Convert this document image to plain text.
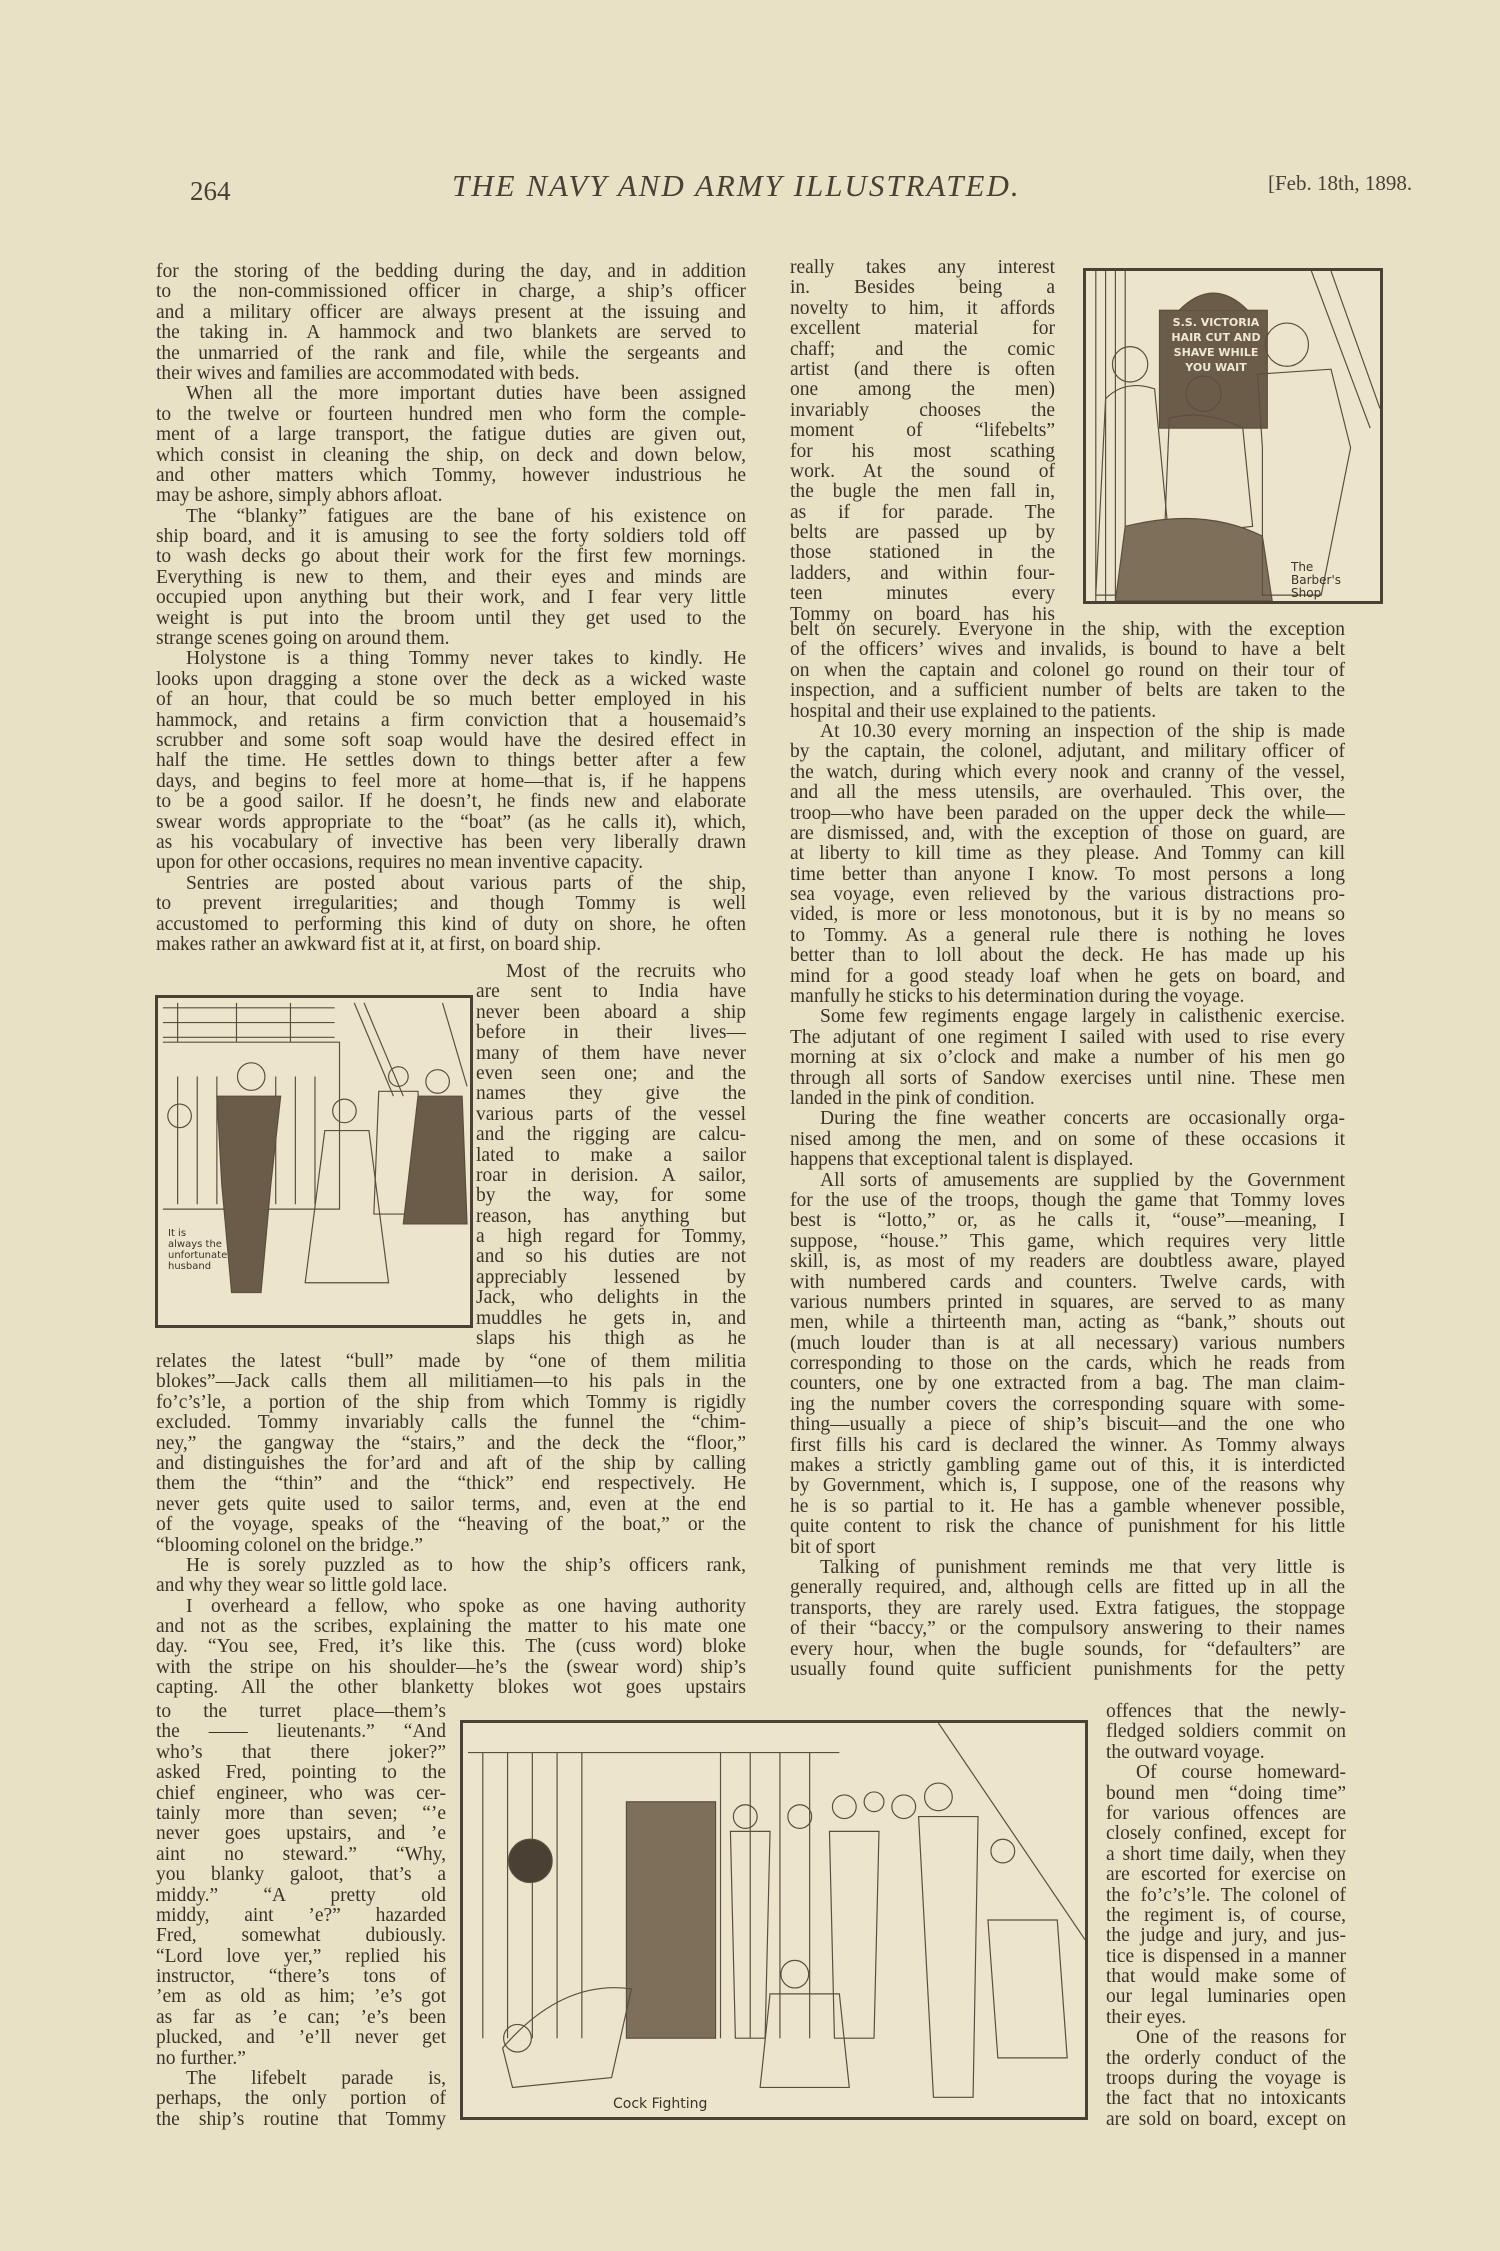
264	THE NAVY AND ARMY ILLUSTRATED.	[Feb. 18th, 1898.
for the storing of the bedding during the day, and in addition
to the non-commissioned officer in charge, a ship’s officer
and a military officer are always present at the issuing and
the taking in. A hammock and two blankets are served to
the unmarried of the rank and file, while the sergeants and
their wives and families are accommodated with beds.
When all the more important duties have been assigned
to the twelve or fourteen hundred men who form the comple-
ment of a large transport, the fatigue duties are given out,
which consist in cleaning the ship, on deck and down below,
and other matters which Tommy, however industrious he
may be ashore, simply abhors afloat.
The “blanky” fatigues are the bane of his existence on
ship board, and it is amusing to see the forty soldiers told off
to wash decks go about their work for the first few mornings.
Everything is new to them, and their eyes and minds are
occupied upon anything but their work, and I fear very little
weight is put into the broom until they get used to the
strange scenes going on around them.
Holystone is a thing Tommy never takes to kindly. He
looks upon dragging a stone over the deck as a wicked waste
of an hour, that could be so much better employed in his
hammock, and retains a firm conviction that a housemaid’s
scrubber and some soft soap would have the desired effect in
half the time. He settles down to things better after a few
days, and begins to feel more at home—that is, if he happens
to be a good sailor. If he doesn’t, he finds new and elaborate
swear words appropriate to the “boat” (as he calls it), which,
as his vocabulary of invective has been very liberally drawn
upon for other occasions, requires no mean inventive capacity.
Sentries are posted about various parts of the ship,
to prevent irregularities; and though Tommy is well
accustomed to performing this kind of duty on shore, he often
makes rather an awkward fist at it, at first, on board ship.
Most of the recruits who
are sent to India have
never been aboard a ship
before in their lives—
many of them have never
even seen one; and the
names they give the
various parts of the vessel
and the rigging are calcu-
lated to make a sailor
roar in derision. A sailor,
by the way, for some
reason, has anything but
a high regard for Tommy,
and so his duties are not
appreciably lessened by
Jack, who delights in the
muddles he gets in, and
slaps his thigh as he
relates the latest “bull” made by “one of them militia
blokes”—Jack calls them all militiamen—to his pals in the
fo’c’s’le, a portion of the ship from which Tommy is rigidly
excluded. Tommy invariably calls the funnel the “chim-
ney,” the gangway the “stairs,” and the deck the “floor,”
and distinguishes the for’ard and aft of the ship by calling
them the “thin” and the “thick” end respectively. He
never gets quite used to sailor terms, and, even at the end
of the voyage, speaks of the “heaving of the boat,” or the
“blooming colonel on the bridge.”
He is sorely puzzled as to how the ship’s officers rank,
and why they wear so little gold lace.
I overheard a fellow, who spoke as one having authority
and not as the scribes, explaining the matter to his mate one
day. “You see, Fred, it’s like this. The (cuss word) bloke
with the stripe on his shoulder—he’s the (swear word) ship’s
capting. All the other blanketty blokes wot goes upstairs
to the turret place—them’s
the —— lieutenants.” “And
who’s that there joker?”
asked Fred, pointing to the
chief engineer, who was cer-
tainly more than seven; “’e
never goes upstairs, and ’e
aint no steward.” “Why,
you blanky galoot, that’s a
middy.” “A pretty old
middy, aint ’e?” hazarded
Fred, somewhat dubiously.
“Lord love yer,” replied his
instructor, “there’s tons of
’em as old as him; ’e’s got
as far as ’e can; ’e’s been
plucked, and ’e’ll never get
no further.”
The lifebelt parade is,
perhaps, the only portion of
the ship’s routine that Tommy
really takes any interest
in. Besides being a
novelty to him, it affords
excellent material for
chaff; and the comic
artist (and there is often
one among the men)
invariably chooses the
moment of “lifebelts”
for his most scathing
work. At the sound of
the bugle the men fall in,
as if for parade. The
belts are passed up by
those stationed in the
ladders, and within four-
teen minutes every
Tommy on board has his
belt on securely. Everyone in the ship, with the exception
of the officers’ wives and invalids, is bound to have a belt
on when the captain and colonel go round on their tour of
inspection, and a sufficient number of belts are taken to the
hospital and their use explained to the patients.
At 10.30 every morning an inspection of the ship is made
by the captain, the colonel, adjutant, and military officer of
the watch, during which every nook and cranny of the vessel,
and all the mess utensils, are overhauled. This over, the
troop—who have been paraded on the upper deck the while—
are dismissed, and, with the exception of those on guard, are
at liberty to kill time as they please. And Tommy can kill
time better than anyone I know. To most persons a long
sea voyage, even relieved by the various distractions pro-
vided, is more or less monotonous, but it is by no means so
to Tommy. As a general rule there is nothing he loves
better than to loll about the deck. He has made up his
mind for a good steady loaf when he gets on board, and
manfully he sticks to his determination during the voyage.
Some few regiments engage largely in calisthenic exercise.
The adjutant of one regiment I sailed with used to rise every
morning at six o’clock and make a number of his men go
through all sorts of Sandow exercises until nine. These men
landed in the pink of condition.
During the fine weather concerts are occasionally orga-
nised among the men, and on some of these occasions it
happens that exceptional talent is displayed.
All sorts of amusements are supplied by the Government
for the use of the troops, though the game that Tommy loves
best is “lotto,” or, as he calls it, “ouse”—meaning, I
suppose, “house.” This game, which requires very little
skill, is, as most of my readers are doubtless aware, played
with numbered cards and counters. Twelve cards, with
various numbers printed in squares, are served to as many
men, while a thirteenth man, acting as “bank,” shouts out
(much louder than is at all necessary) various numbers
corresponding to those on the cards, which he reads from
counters, one by one extracted from a bag. The man claim-
ing the number covers the corresponding square with some-
thing—usually a piece of ship’s biscuit—and the one who
first fills his card is declared the winner. As Tommy always
makes a strictly gambling game out of this, it is interdicted
by Government, which is, I suppose, one of the reasons why
he is so partial to it. He has a gamble whenever possible,
quite content to risk the chance of punishment for his little
bit of sport
Talking of punishment reminds me that very little is
generally required, and, although cells are fitted up in all the
transports, they are rarely used. Extra fatigues, the stoppage
of their “baccy,” or the compulsory answering to their names
every hour, when the bugle sounds, for “defaulters” are
usually found quite sufficient punishments for the petty
offences that the newly-
fledged soldiers commit on
the outward voyage.
Of course homeward-
bound men “doing time”
for various offences are
closely confined, except for
a short time daily, when they
are escorted for exercise on
the fo’c’s’le. The colonel of
the regiment is, of course,
the judge and jury, and jus-
tice is dispensed in a manner
that would make some of
our legal luminaries open
their eyes.
One of the reasons for
the orderly conduct of the
troops during the voyage is
the fact that no intoxicants
are sold on board, except on
S.S. VICTORIA HAIR CUT AND SHAVE WHILE YOU WAIT
The Barber's Shop
It is always the unfortunate husband
Cock Fighting
